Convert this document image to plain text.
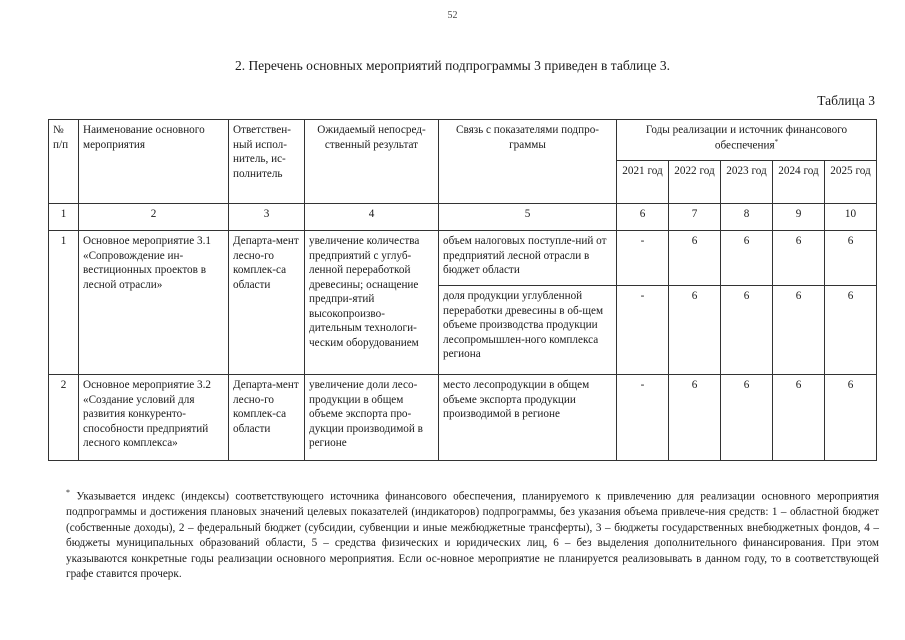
52
2. Перечень основных мероприятий подпрограммы 3 приведен в таблице 3.
Таблица 3
№ п/п	Наименование основного мероприятия	Ответствен-ный испол-нитель, ис-полнитель	Ожидаемый непосред-ственный результат	Связь с показателями подпро-граммы	Годы реализации и источник финансового обеспечения*
					2021 год	2022 год	2023 год	2024 год	2025 год
1	2	3	4	5	6	7	8	9	10
1	Основное мероприятие 3.1 «Сопровождение ин-вестиционных проектов в лесной отрасли»	Департа-мент лесно-го комплек-са области	увеличение количества предприятий с углуб-ленной переработкой древесины; оснащение предпри-ятий высокопроизво-дительным технологи-ческим оборудованием	объем налоговых поступле-ний от предприятий лесной отрасли в бюджет области	-	6	6	6	6
				доля продукции углубленной переработки древесины в об-щем объеме производства продукции лесопромышлен-ного комплекса региона	-	6	6	6	6
2	Основное мероприятие 3.2 «Создание условий для развития конкуренто-способности предприятий лесного комплекса»	Департа-мент лесно-го комплек-са области	увеличение доли лесо-продукции в общем объеме экспорта про-дукции производимой в регионе	место лесопродукции в общем объеме экспорта продукции производимой в регионе	-	6	6	6	6
* Указывается индекс (индексы) соответствующего источника финансового обеспечения, планируемого к привлечению для реализации основного мероприятия подпрограммы и достижения плановых значений целевых показателей (индикаторов) подпрограммы, без указания объема привлече-ния средств: 1 – областной бюджет (собственные доходы), 2 – федеральный бюджет (субсидии, субвенции и иные межбюджетные трансферты), 3 – бюджеты государственных внебюджетных фондов, 4 – бюджеты муниципальных образований области, 5 – средства физических и юридических лиц, 6 – без выделения дополнительного финансирования. При этом указываются конкретные годы реализации основного мероприятия. Если ос-новное мероприятие не планируется реализовывать в данном году, то в соответствующей графе ставится прочерк.
